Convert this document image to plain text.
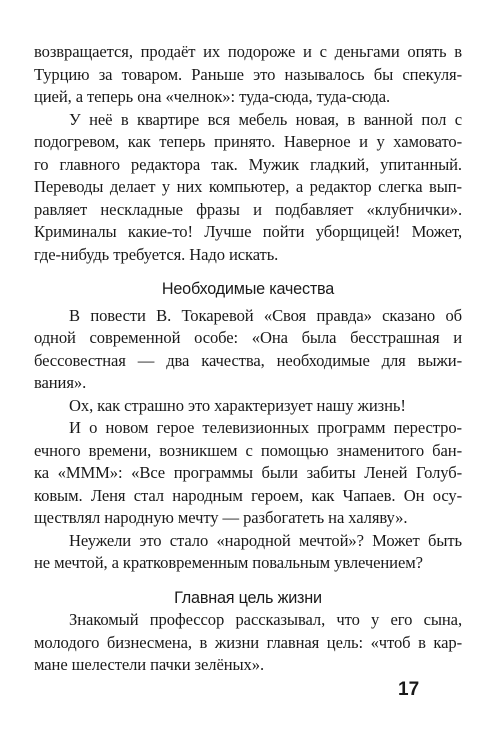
возвращается, продаёт их подороже и с деньгами опять в
Турцию за товаром. Раньше это называлось бы спекуля-
цией, а теперь она «челнок»: туда-сюда, туда-сюда.
У неё в квартире вся мебель новая, в ванной пол с
подогревом, как теперь принято. Наверное и у хамовато-
го главного редактора так. Мужик гладкий, упитанный.
Переводы делает у них компьютер, а редактор слегка вып-
равляет нескладные фразы и подбавляет «клубнички».
Криминалы какие-то! Лучше пойти уборщицей! Может,
где-нибудь требуется. Надо искать.
Необходимые качества
В повести В. Токаревой «Своя правда» сказано об
одной современной особе: «Она была бесстрашная и
бессовестная — два качества, необходимые для выжи-
вания».
Ох, как страшно это характеризует нашу жизнь!
И о новом герое телевизионных программ перестро-
ечного времени, возникшем с помощью знаменитого бан-
ка «МММ»: «Все программы были забиты Леней Голуб-
ковым. Леня стал народным героем, как Чапаев. Он осу-
ществлял народную мечту — разбогатеть на халяву».
Неужели это стало «народной мечтой»? Может быть
не мечтой, а кратковременным повальным увлечением?
Главная цель жизни
Знакомый профессор рассказывал, что у его сына,
молодого бизнесмена, в жизни главная цель: «чтоб в кар-
мане шелестели пачки зелёных».
17
